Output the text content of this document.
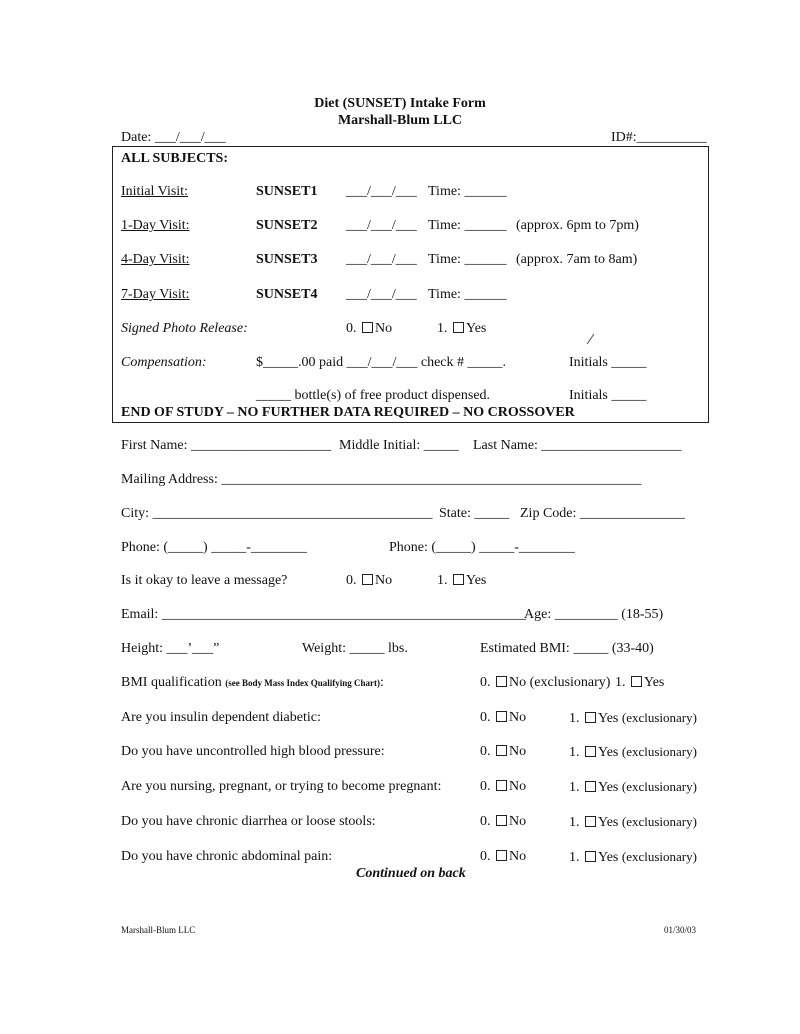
Diet (SUNSET) Intake Form
Marshall-Blum LLC
Date: ___/___/___	ID#:__________
ALL SUBJECTS:
Initial Visit:	SUNSET1 ___/___/___ Time: ______
1-Day Visit:	SUNSET2 ___/___/___ Time: ______ (approx. 6pm to 7pm)
4-Day Visit:	SUNSET3 ___/___/___ Time: ______ (approx. 7am to 8am)
7-Day Visit:	SUNSET4 ___/___/___ Time: ______
Signed Photo Release:	0. No	1. Yes
Compensation:	$_____.00 paid ___/___/___ check # _____.	Initials _____
_____ bottle(s) of free product dispensed.	Initials _____
END OF STUDY – NO FURTHER DATA REQUIRED – NO CROSSOVER
First Name: ____________________ Middle Initial: _____ Last Name: ____________________
Mailing Address: ____________________________________________________________
City: ________________________________________ State: _____ Zip Code: _______________
Phone: (_____) _____-________	Phone: (_____) _____-________
Is it okay to leave a message?	0. No	1. Yes
Email: ____________________________________________________
Age: _________ (18-55)
Height: ___’___”	Weight: _____ lbs.	Estimated BMI: _____ (33-40)
BMI qualification (see Body Mass Index Qualifying Chart):	0. No (exclusionary) 1. Yes
Are you insulin dependent diabetic:	0. No	1. Yes (exclusionary)
Do you have uncontrolled high blood pressure:	0. No	1. Yes (exclusionary)
Are you nursing, pregnant, or trying to become pregnant:	0. No	1. Yes (exclusionary)
Do you have chronic diarrhea or loose stools:	0. No	1. Yes (exclusionary)
Do you have chronic abdominal pain:	0. No	1. Yes (exclusionary)
Continued on back
Marshall-Blum LLC	01/30/03
